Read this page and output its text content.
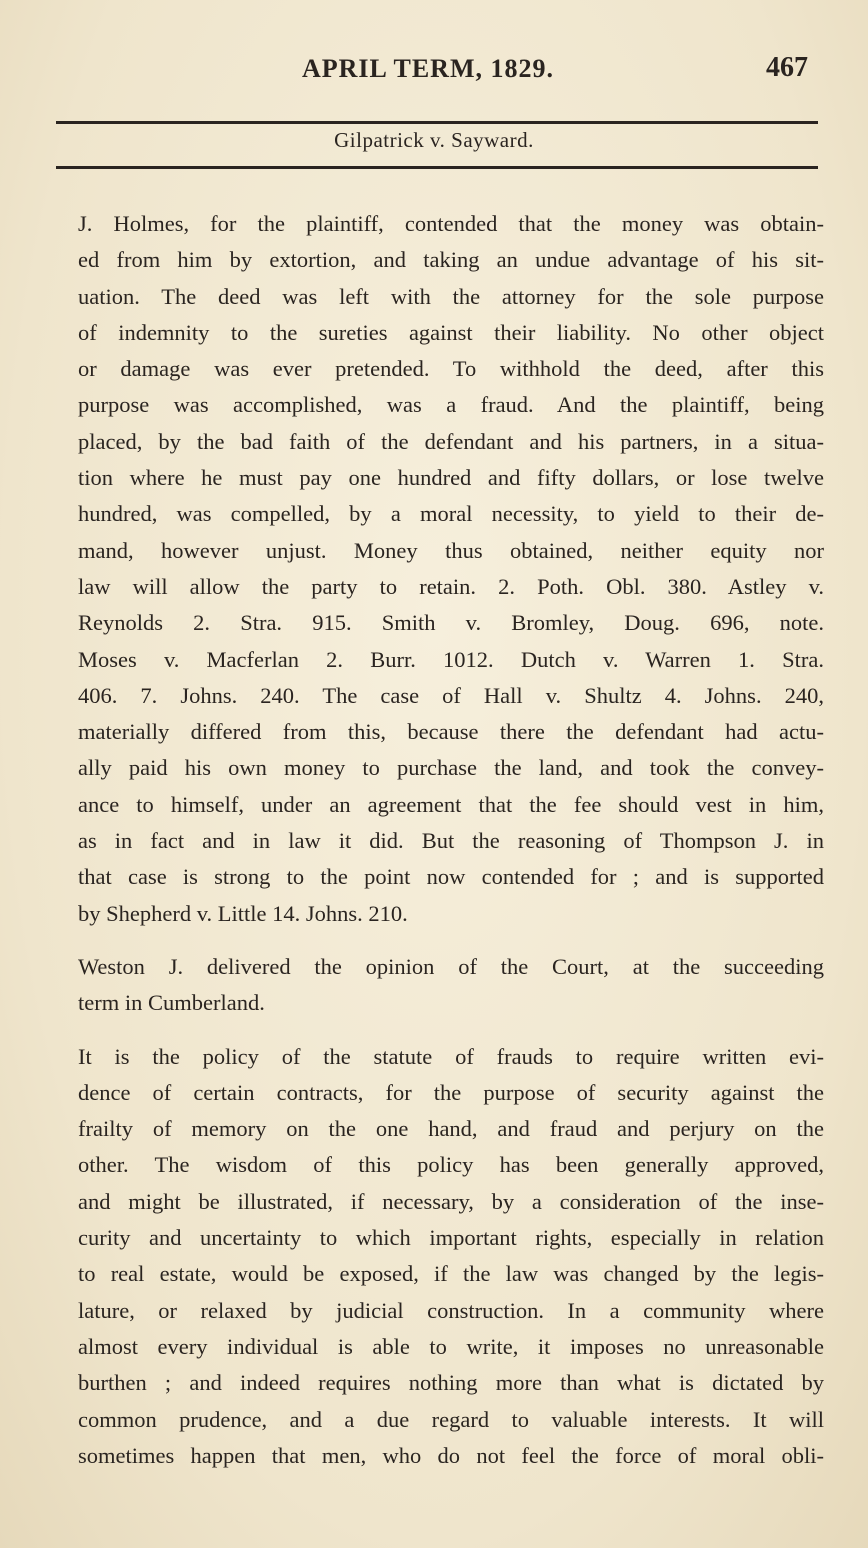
APRIL TERM, 1829.	467
Gilpatrick v. Sayward.
J. Holmes, for the plaintiff, contended that the money was obtain-
ed from him by extortion, and taking an undue advantage of his sit-
uation. The deed was left with the attorney for the sole purpose
of indemnity to the sureties against their liability. No other object
or damage was ever pretended. To withhold the deed, after this
purpose was accomplished, was a fraud. And the plaintiff, being
placed, by the bad faith of the defendant and his partners, in a situa-
tion where he must pay one hundred and fifty dollars, or lose twelve
hundred, was compelled, by a moral necessity, to yield to their de-
mand, however unjust. Money thus obtained, neither equity nor
law will allow the party to retain. 2. Poth. Obl. 380. Astley v.
Reynolds 2. Stra. 915. Smith v. Bromley, Doug. 696, note.
Moses v. Macferlan 2. Burr. 1012. Dutch v. Warren 1. Stra.
406. 7. Johns. 240. The case of Hall v. Shultz 4. Johns. 240,
materially differed from this, because there the defendant had actu-
ally paid his own money to purchase the land, and took the convey-
ance to himself, under an agreement that the fee should vest in him,
as in fact and in law it did. But the reasoning of Thompson J. in
that case is strong to the point now contended for ; and is supported
by Shepherd v. Little 14. Johns. 210.
Weston J. delivered the opinion of the Court, at the succeeding
term in Cumberland.
It is the policy of the statute of frauds to require written evi-
dence of certain contracts, for the purpose of security against the
frailty of memory on the one hand, and fraud and perjury on the
other. The wisdom of this policy has been generally approved,
and might be illustrated, if necessary, by a consideration of the inse-
curity and uncertainty to which important rights, especially in relation
to real estate, would be exposed, if the law was changed by the legis-
lature, or relaxed by judicial construction. In a community where
almost every individual is able to write, it imposes no unreasonable
burthen ; and indeed requires nothing more than what is dictated by
common prudence, and a due regard to valuable interests. It will
sometimes happen that men, who do not feel the force of moral obli-
